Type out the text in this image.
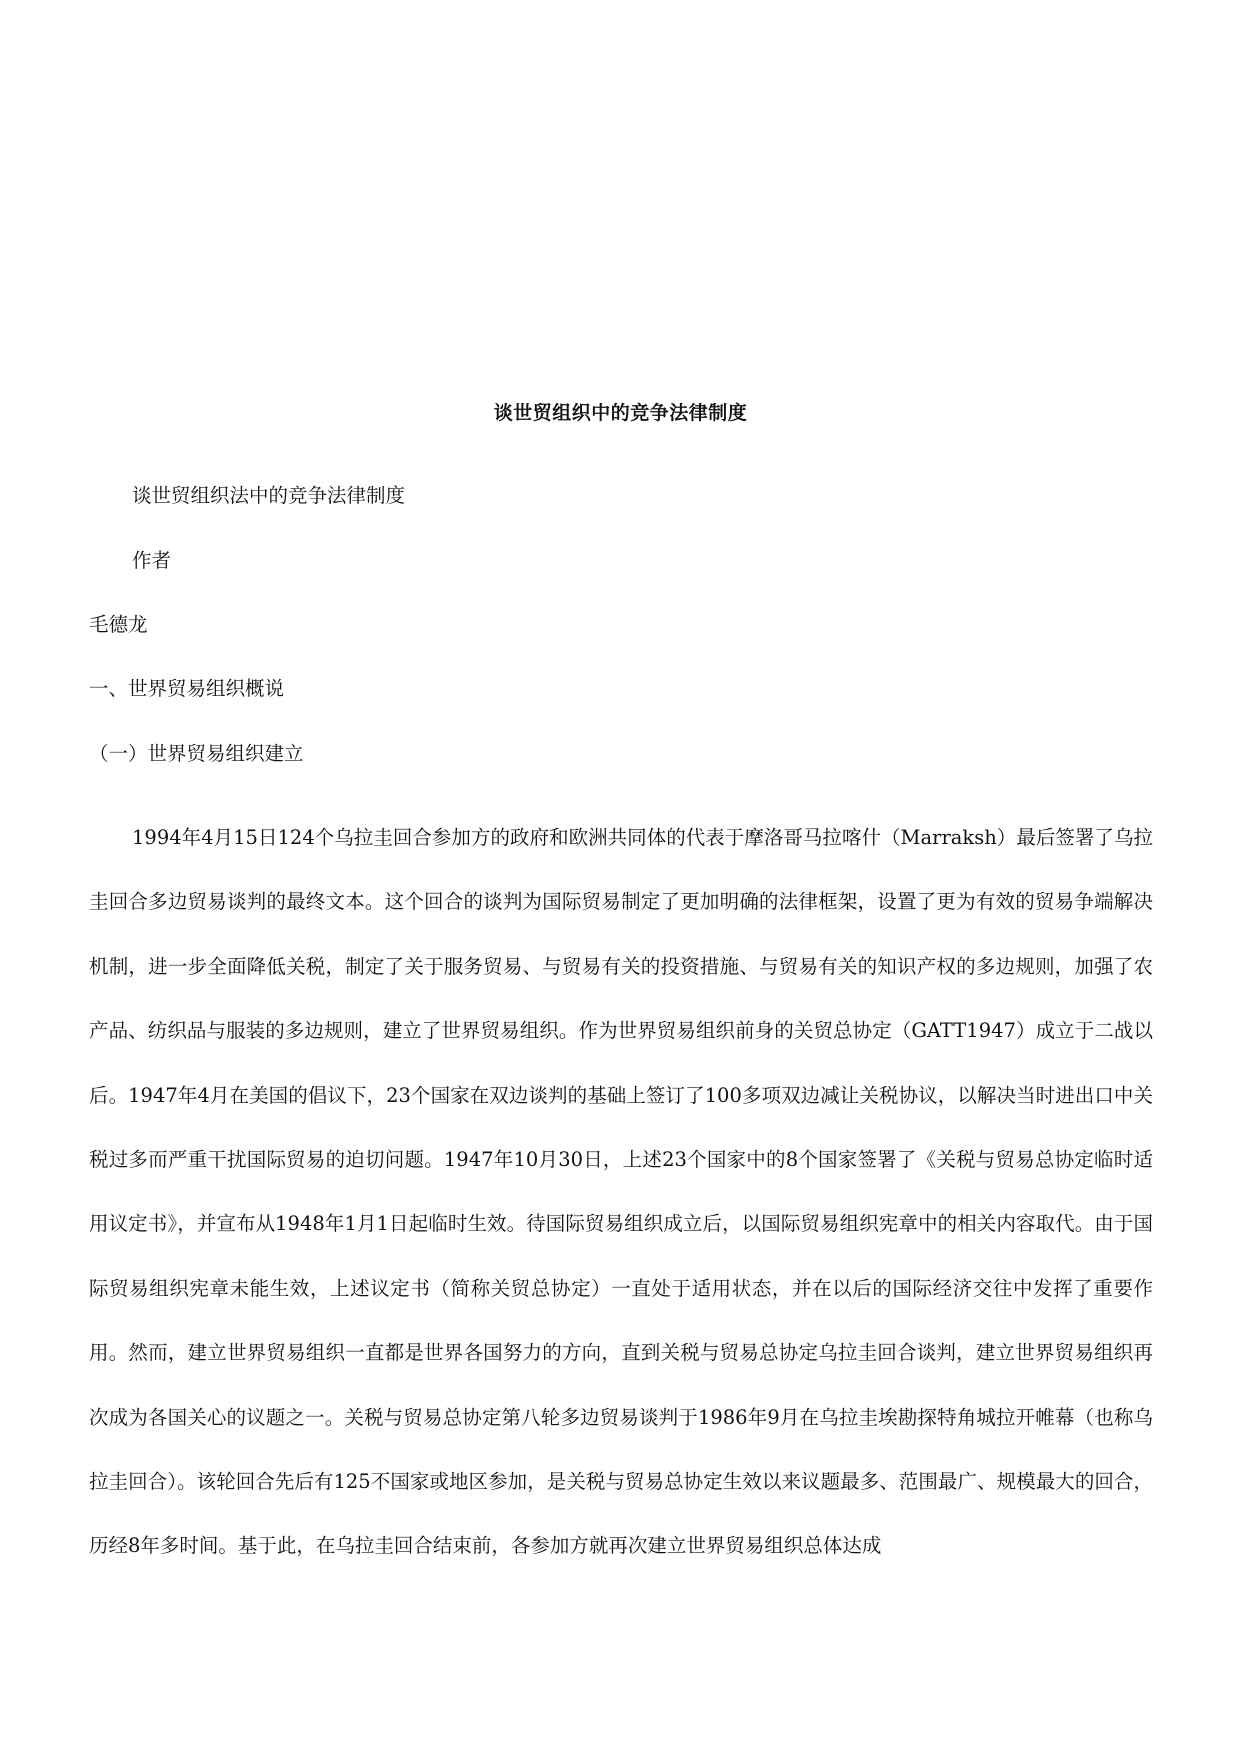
谈世贸组织中的竞争法律制度
谈世贸组织法中的竞争法律制度
作者
毛德龙
一、世界贸易组织概说
（一）世界贸易组织建立

1994年4月15日124个乌拉圭回合参加方的政府和欧洲共同体的代表于摩洛哥马拉喀什（Marraksh）最后签署了乌拉圭回合多边贸易谈判的最终文本。这个回合的谈判为国际贸易制定了更加明确的法律框架，设置了更为有效的贸易争端解决机制，进一步全面降低关税，制定了关于服务贸易、与贸易有关的投资措施、与贸易有关的知识产权的多边规则，加强了农产品、纺织品与服装的多边规则，建立了世界贸易组织。作为世界贸易组织前身的关贸总协定（GATT1947）成立于二战以后。1947年4月在美国的倡议下，23个国家在双边谈判的基础上签订了100多项双边减让关税协议，以解决当时进出口中关税过多而严重干扰国际贸易的迫切问题。1947年10月30日，上述23个国家中的8个国家签署了《关税与贸易总协定临时适用议定书》，并宣布从1948年1月1日起临时生效。待国际贸易组织成立后，以国际贸易组织宪章中的相关内容取代。由于国际贸易组织宪章未能生效，上述议定书（简称关贸总协定）一直处于适用状态，并在以后的国际经济交往中发挥了重要作用。然而，建立世界贸易组织一直都是世界各国努力的方向，直到关税与贸易总协定乌拉圭回合谈判，建立世界贸易组织再次成为各国关心的议题之一。关税与贸易总协定第八轮多边贸易谈判于1986年9月在乌拉圭埃勘探特角城拉开帷幕（也称乌拉圭回合）。该轮回合先后有125不国家或地区参加，是关税与贸易总协定生效以来议题最多、范围最广、规模最大的回合，历经8年多时间。基于此，在乌拉圭回合结束前，各参加方就再次建立世界贸易组织总体达成
